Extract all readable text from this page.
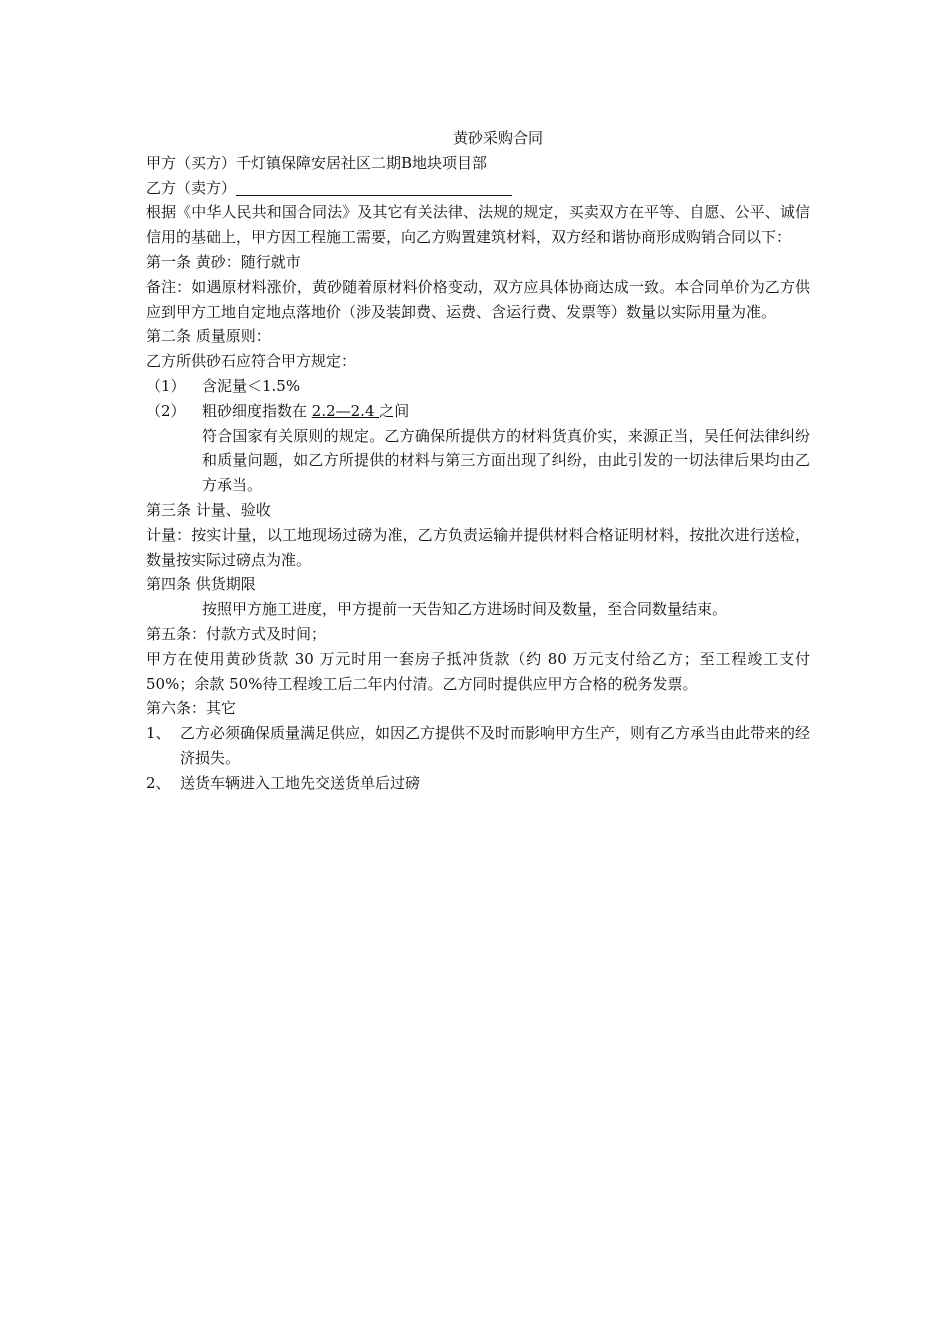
黄砂采购合同
甲方（买方）千灯镇保障安居社区二期B地块项目部
乙方（卖方）
根据《中华人民共和国合同法》及其它有关法律、法规的规定，买卖双方在平等、自愿、公平、诚信信用的基础上，甲方因工程施工需要，向乙方购置建筑材料，双方经和谐协商形成购销合同以下：
第一条 黄砂：随行就市
备注：如遇原材料涨价，黄砂随着原材料价格变动，双方应具体协商达成一致。本合同单价为乙方供应到甲方工地自定地点落地价（涉及装卸费、运费、含运行费、发票等）数量以实际用量为准。
第二条 质量原则：
乙方所供砂石应符合甲方规定：
（1）	含泥量＜1.5%
（2）	粗砂细度指数在 2.2—2.4 之间
符合国家有关原则的规定。乙方确保所提供方的材料货真价实，来源正当，吴任何法律纠纷和质量问题，如乙方所提供的材料与第三方面出现了纠纷，由此引发的一切法律后果均由乙方承当。
第三条 计量、验收
计量：按实计量，以工地现场过磅为准，乙方负责运输并提供材料合格证明材料，按批次进行送检，数量按实际过磅点为准。
第四条 供货期限
按照甲方施工进度，甲方提前一天告知乙方进场时间及数量，至合同数量结束。
第五条：付款方式及时间；
甲方在使用黄砂货款 30 万元时用一套房子抵冲货款（约 80 万元支付给乙方；至工程竣工支付 50%；余款 50%待工程竣工后二年内付清。乙方同时提供应甲方合格的税务发票。
第六条：其它
1、 乙方必须确保质量满足供应，如因乙方提供不及时而影响甲方生产，则有乙方承当由此带来的经济损失。
2、 送货车辆进入工地先交送货单后过磅
